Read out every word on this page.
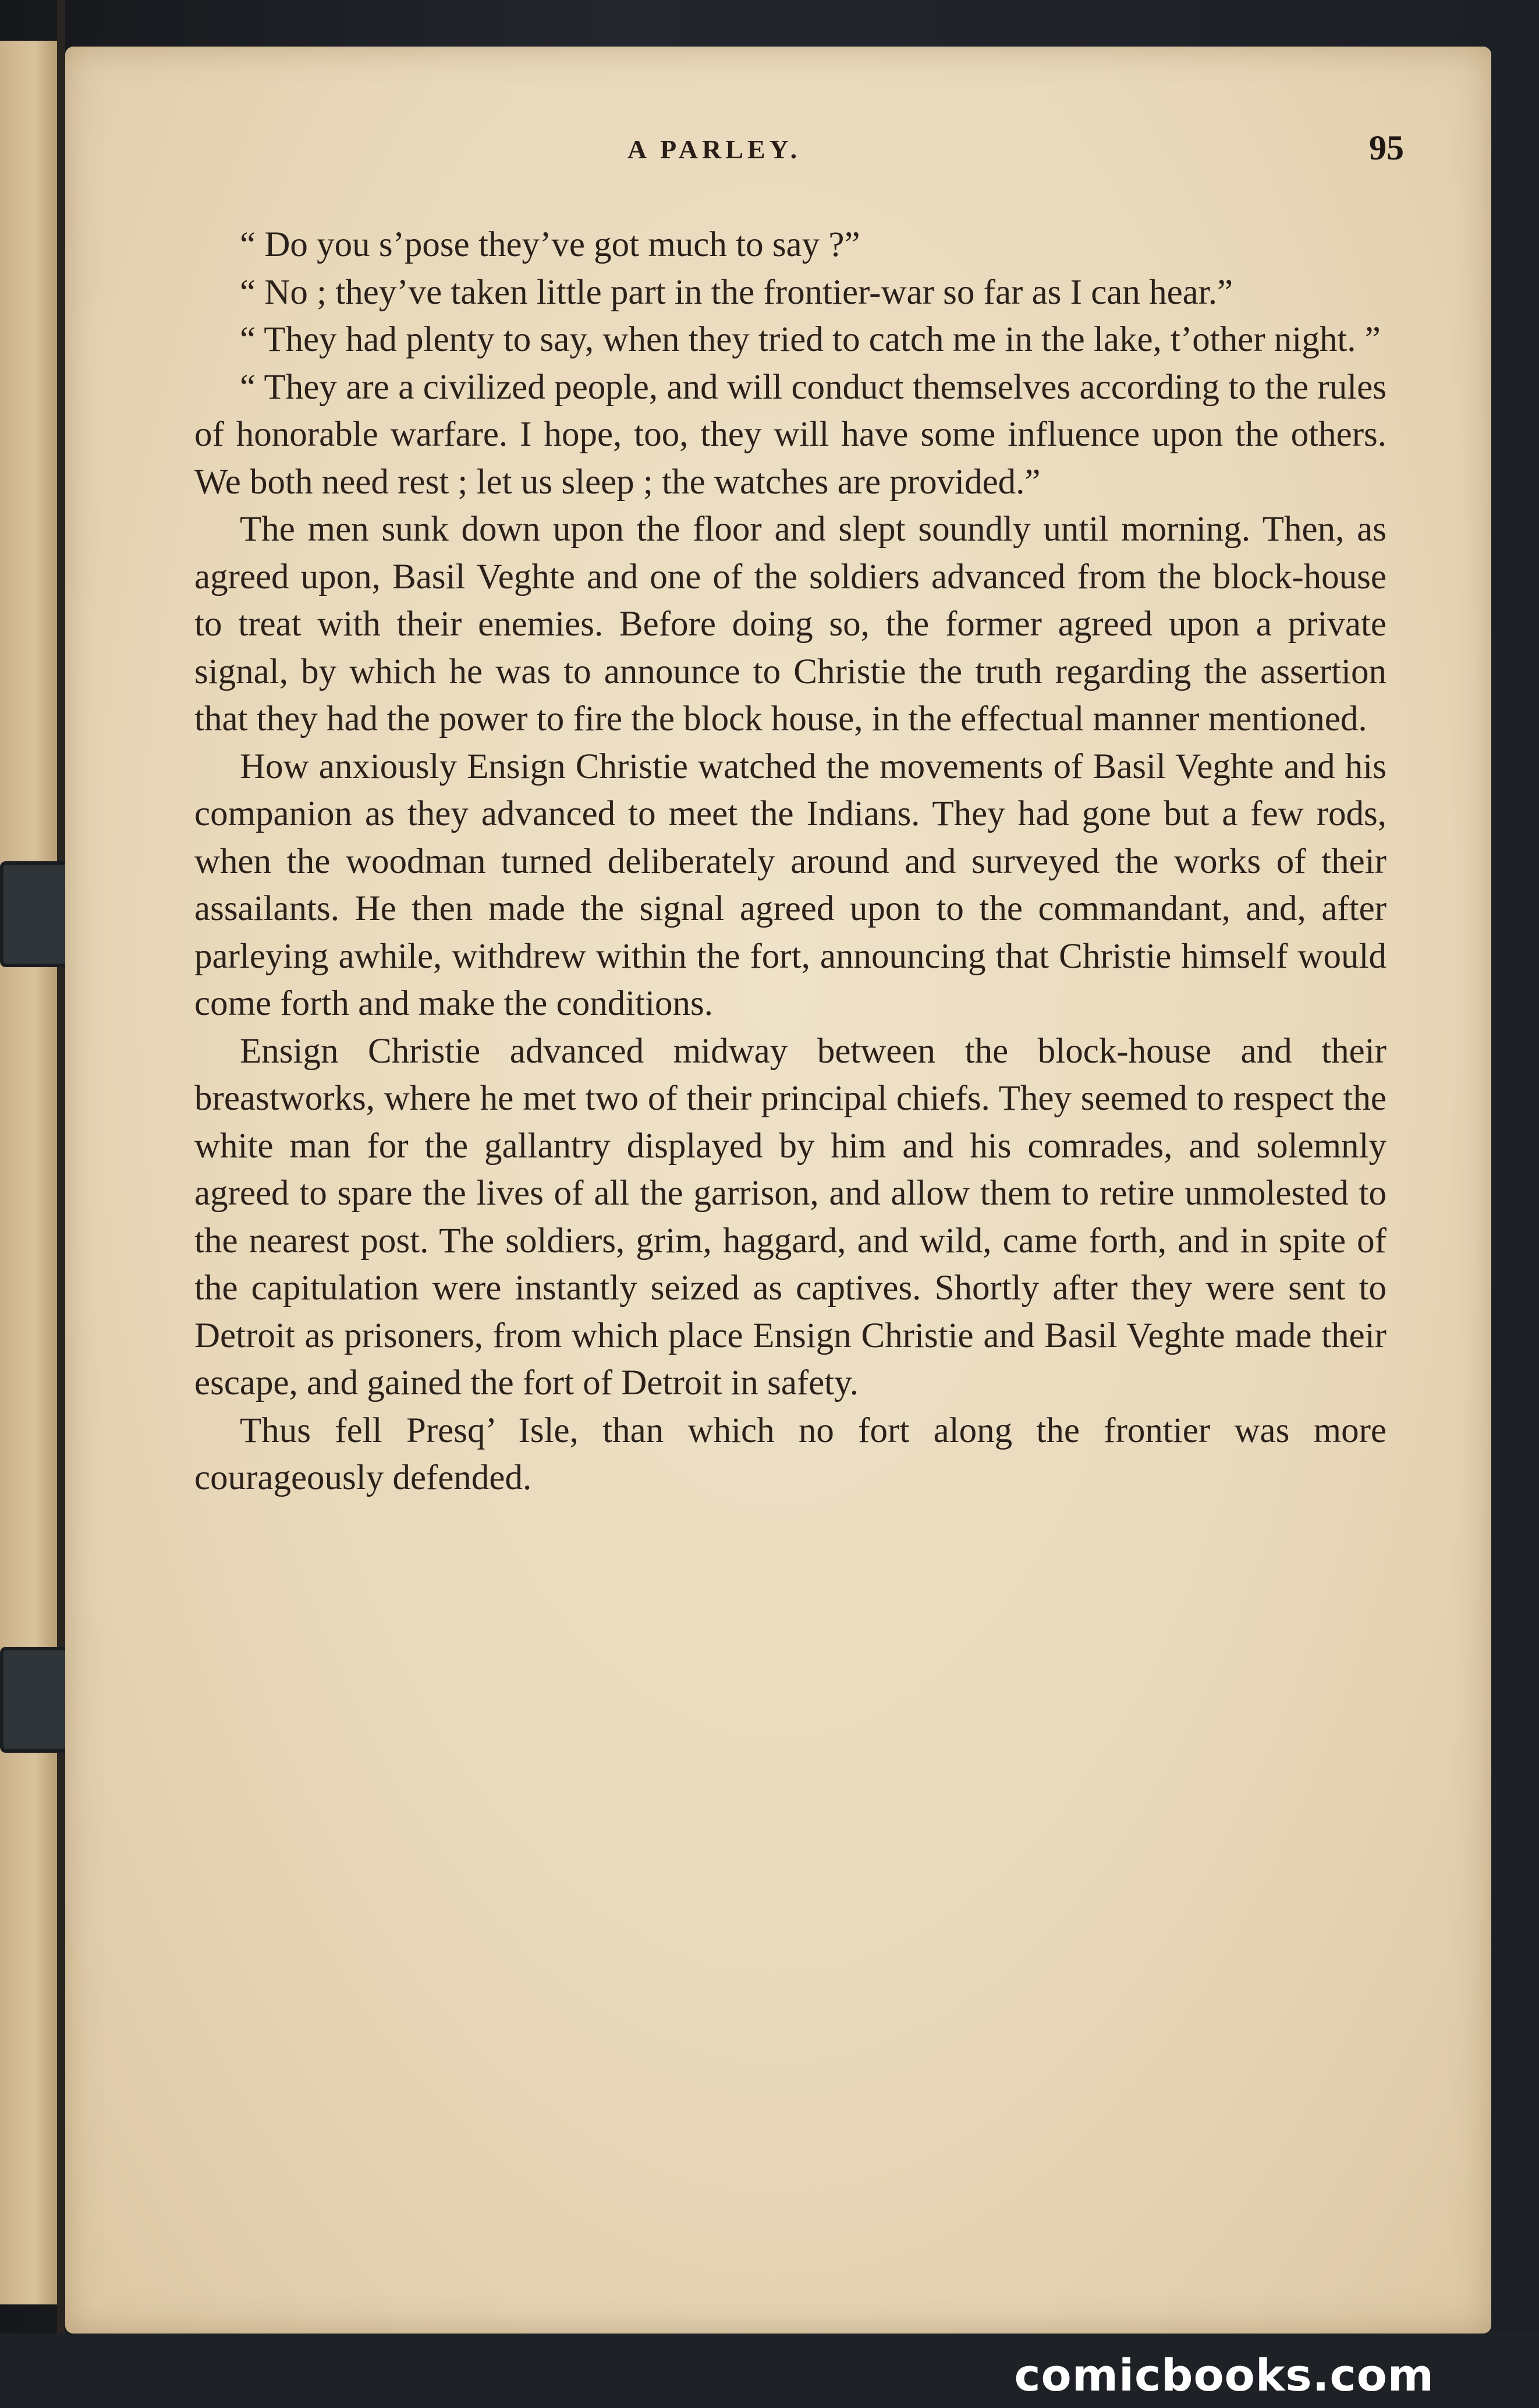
A PARLEY.	95

“ Do you s’pose they’ve got much to say ?”

“ No ; they’ve taken little part in the frontier-war so far as I can hear.”

“ They had plenty to say, when they tried to catch me in the lake, t’other night. ”

“ They are a civilized people, and will conduct themselves according to the rules of honorable warfare. I hope, too, they will have some influence upon the others. We both need rest ; let us sleep ; the watches are provided.”

The men sunk down upon the floor and slept soundly until morning. Then, as agreed upon, Basil Veghte and one of the soldiers advanced from the block-house to treat with their enemies. Before doing so, the former agreed upon a private signal, by which he was to announce to Christie the truth regarding the assertion that they had the power to fire the block house, in the effectual manner mentioned.

How anxiously Ensign Christie watched the movements of Basil Veghte and his companion as they advanced to meet the Indians. They had gone but a few rods, when the woodman turned deliberately around and surveyed the works of their assailants. He then made the signal agreed upon to the commandant, and, after parleying awhile, withdrew within the fort, announcing that Christie himself would come forth and make the conditions.

Ensign Christie advanced midway between the block-house and their breastworks, where he met two of their principal chiefs. They seemed to respect the white man for the gallantry displayed by him and his comrades, and solemnly agreed to spare the lives of all the garrison, and allow them to retire unmolested to the nearest post. The soldiers, grim, haggard, and wild, came forth, and in spite of the capitulation were instantly seized as captives. Shortly after they were sent to Detroit as prisoners, from which place Ensign Christie and Basil Veghte made their escape, and gained the fort of Detroit in safety.

Thus fell Presq’ Isle, than which no fort along the frontier was more courageously defended.

comicbooks.com
